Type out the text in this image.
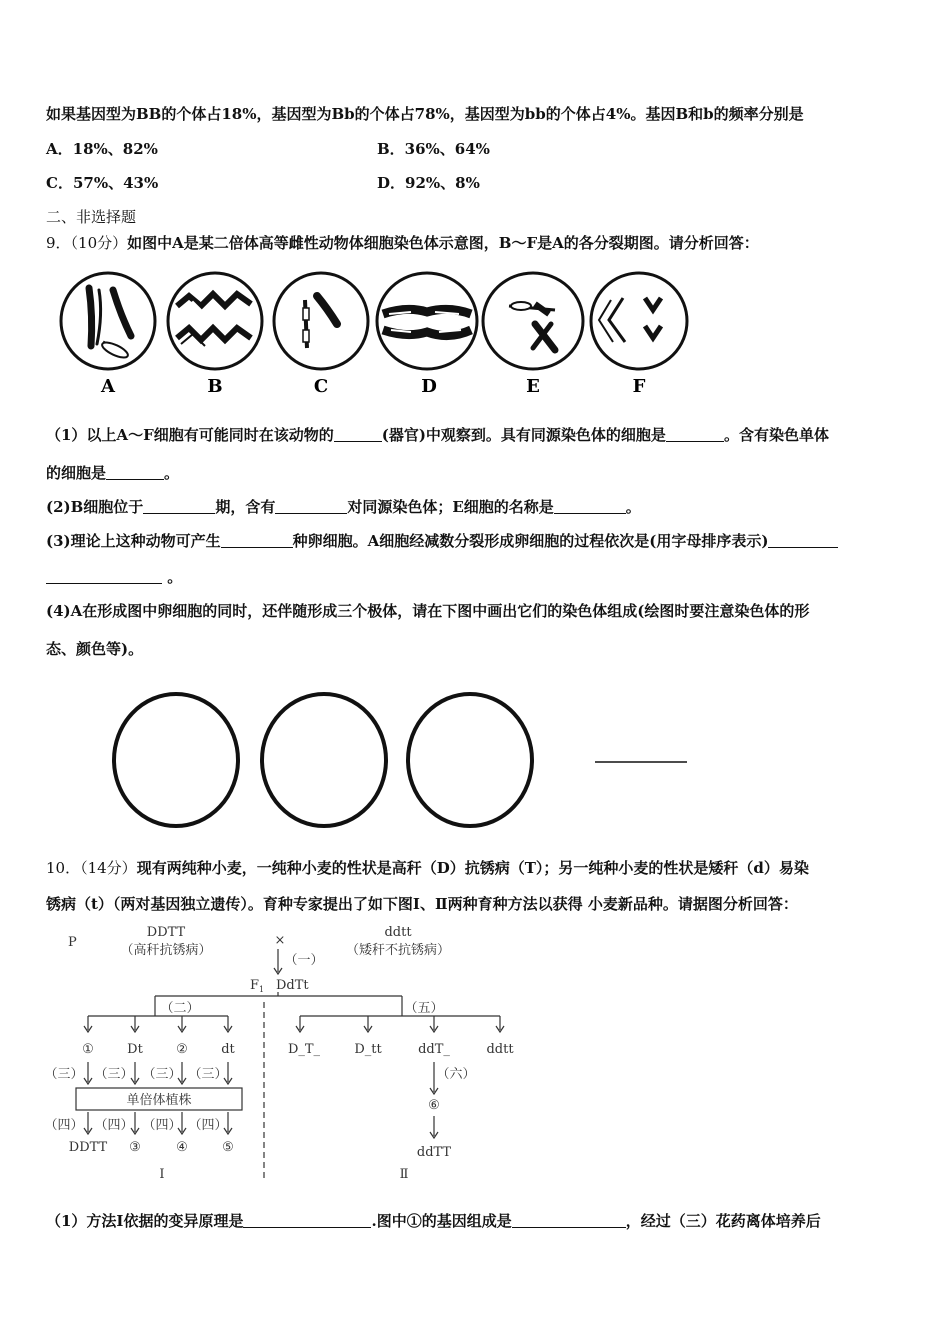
如果基因型为BB的个体占18%，基因型为Bb的个体占78%，基因型为bb的个体占4%。基因B和b的频率分别是
A．18%、82%	B．36%、64%
C．57%、43%	D．92%、8%
二、非选择题
9．（10分）如图中A是某二倍体高等雌性动物体细胞染色体示意图，B～F是A的各分裂期图。请分析回答：
A	B	C	D	E	F
（1）以上A～F细胞有可能同时在该动物的	(器官)中观察到。具有同源染色体的细胞是	。含有染色单体
的细胞是	。
(2)B细胞位于	期，含有	对同源染色体；E细胞的名称是	。
(3)理论上这种动物可产生	种卵细胞。A细胞经减数分裂形成卵细胞的过程依次是(用字母排序表示)
。
(4)A在形成图中卵细胞的同时，还伴随形成三个极体，请在下图中画出它们的染色体组成(绘图时要注意染色体的形
态、颜色等)。
10．（14分）现有两纯种小麦，一纯种小麦的性状是高秆（D）抗锈病（T）；另一纯种小麦的性状是矮秆（d）易染
锈病（t）（两对基因独立遗传）。育种专家提出了如下图Ⅰ、Ⅱ两种育种方法以获得 小麦新品种。请据图分析回答：
P
DDTT
（高秆抗锈病）
×
ddtt
（矮秆不抗锈病）
（一）
$F_1$ DdTt
（二）	（五）
①	Dt	②	dt	D_T_	D_tt	ddT_	ddtt
（三） （三） （三） （三）	（六）
单倍体植株	⑥
（四） （四） （四） （四）
DDTT ③	④	⑤	ddTT
Ⅰ	Ⅱ
（1）方法Ⅰ依据的变异原理是	.图中①的基因组成是	，经过（三）花药离体培养后
